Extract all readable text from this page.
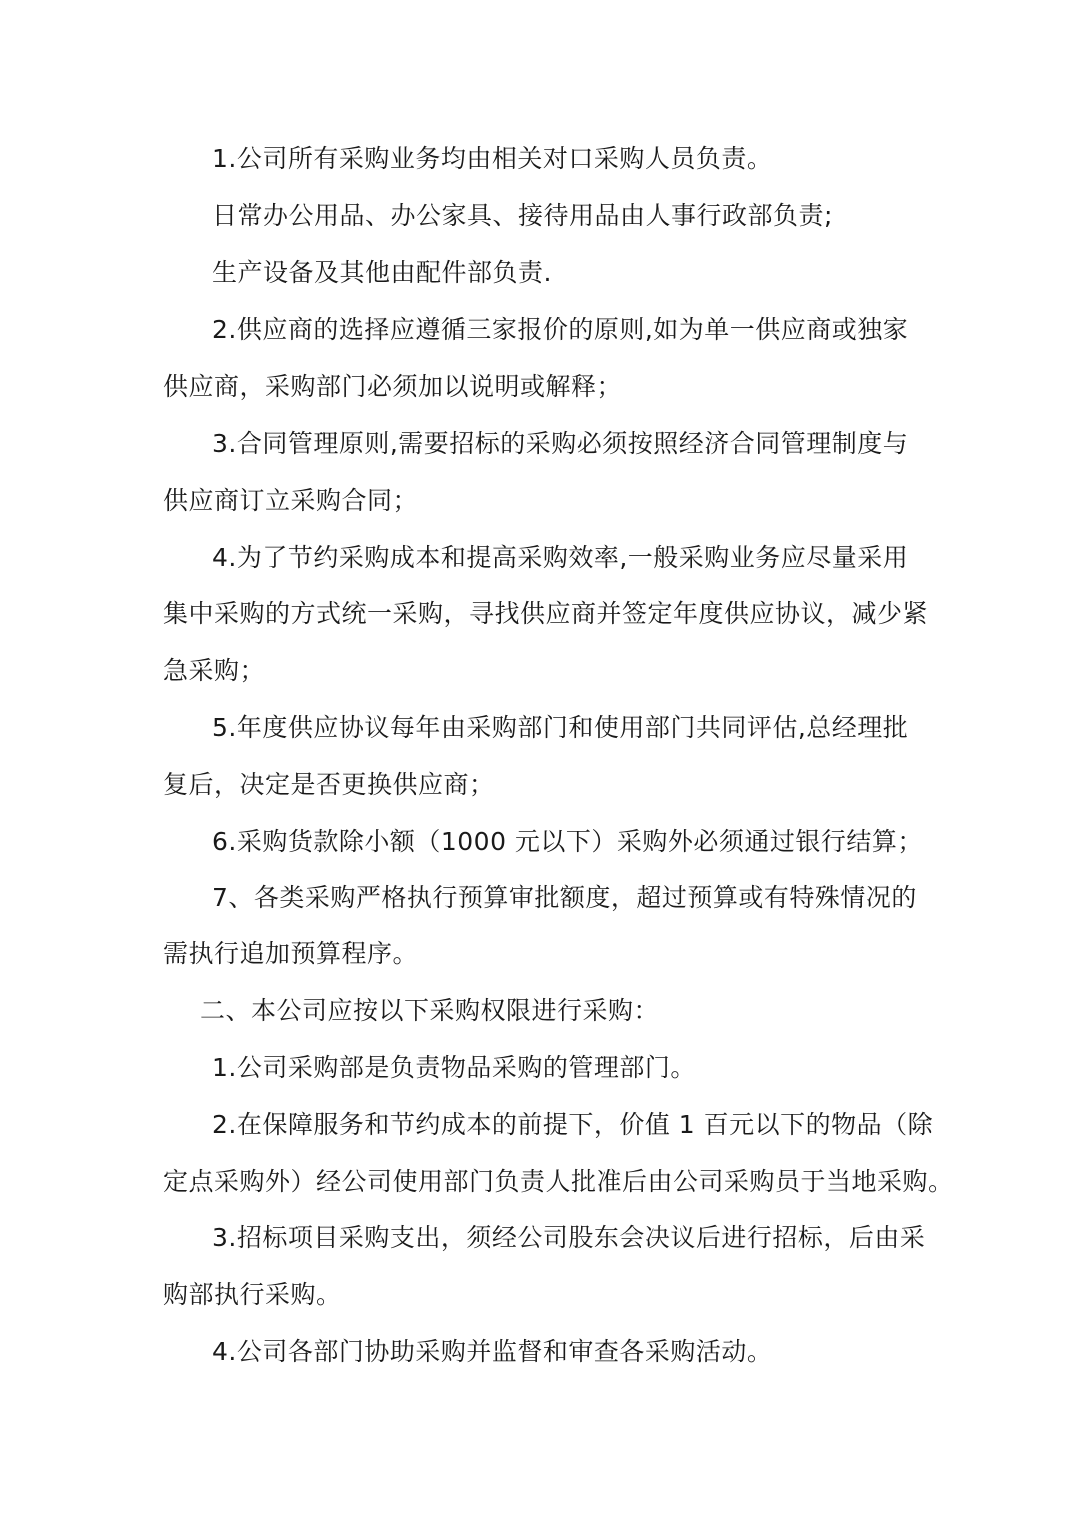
1.公司所有采购业务均由相关对口采购人员负责。
日常办公用品、办公家具、接待用品由人事行政部负责;
生产设备及其他由配件部负责.
2.供应商的选择应遵循三家报价的原则,如为单一供应商或独家
供应商，采购部门必须加以说明或解释；
3.合同管理原则,需要招标的采购必须按照经济合同管理制度与
供应商订立采购合同；
4.为了节约采购成本和提高采购效率,一般采购业务应尽量采用
集中采购的方式统一采购，寻找供应商并签定年度供应协议，减少紧
急采购；
5.年度供应协议每年由采购部门和使用部门共同评估,总经理批
复后，决定是否更换供应商；
6.采购货款除小额（1000 元以下）采购外必须通过银行结算；
7、各类采购严格执行预算审批额度，超过预算或有特殊情况的
需执行追加预算程序。
二、本公司应按以下采购权限进行采购：
1.公司采购部是负责物品采购的管理部门。
2.在保障服务和节约成本的前提下，价值 1 百元以下的物品（除
定点采购外）经公司使用部门负责人批准后由公司采购员于当地采购。
3.招标项目采购支出，须经公司股东会决议后进行招标，后由采
购部执行采购。
4.公司各部门协助采购并监督和审查各采购活动。
